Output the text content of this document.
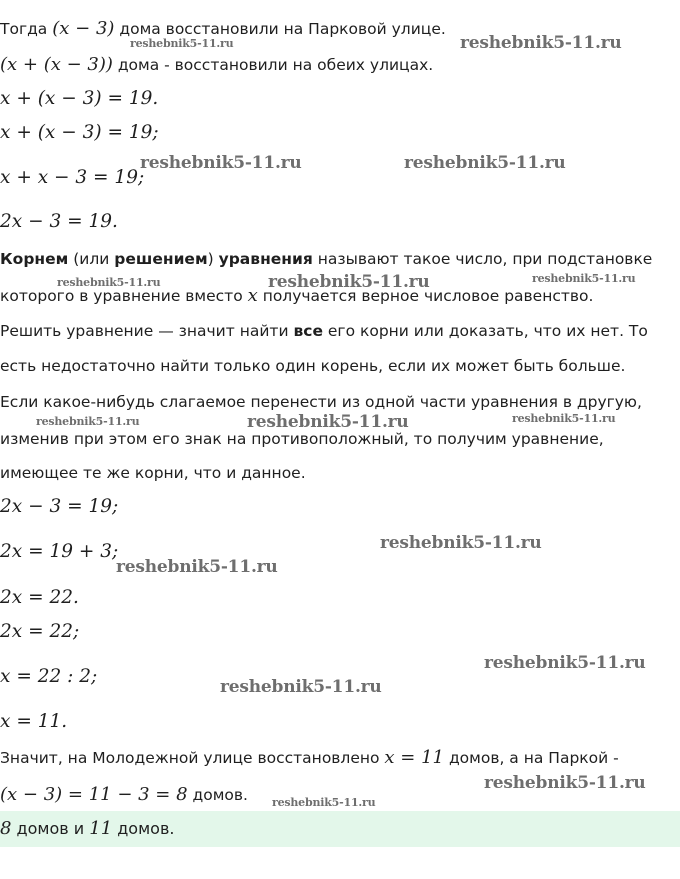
Тогда (x − 3) дома восстановили на Парковой улице.
(x + (x − 3)) дома - восстановили на обеих улицах.
x + (x − 3) = 19.
x + (x − 3) = 19;
x + x − 3 = 19;
2x − 3 = 19.
Корнем (или решением) уравнения называют такое число, при подстановке
которого в уравнение вместо x получается верное числовое равенство.
Решить уравнение — значит найти все его корни или доказать, что их нет. То
есть недостаточно найти только один корень, если их может быть больше.
Если какое-нибудь слагаемое перенести из одной части уравнения в другую,
изменив при этом его знак на противоположный, то получим уравнение,
имеющее те же корни, что и данное.
2x − 3 = 19;
2x = 19 + 3;
2x = 22.
2x = 22;
x = 22 : 2;
x = 11.
Значит, на Молодежной улице восстановлено x = 11 домов, а на Паркой -
(x − 3) = 11 − 3 = 8 домов.
8 домов и 11 домов.
reshebnik5-11.ru	reshebnik5-11.ru
reshebnik5-11.ru	reshebnik5-11.ru
reshebnik5-11.ru	reshebnik5-11.ru	reshebnik5-11.ru
reshebnik5-11.ru	reshebnik5-11.ru	reshebnik5-11.ru
reshebnik5-11.ru
reshebnik5-11.ru
reshebnik5-11.ru
reshebnik5-11.ru
reshebnik5-11.ru
reshebnik5-11.ru
